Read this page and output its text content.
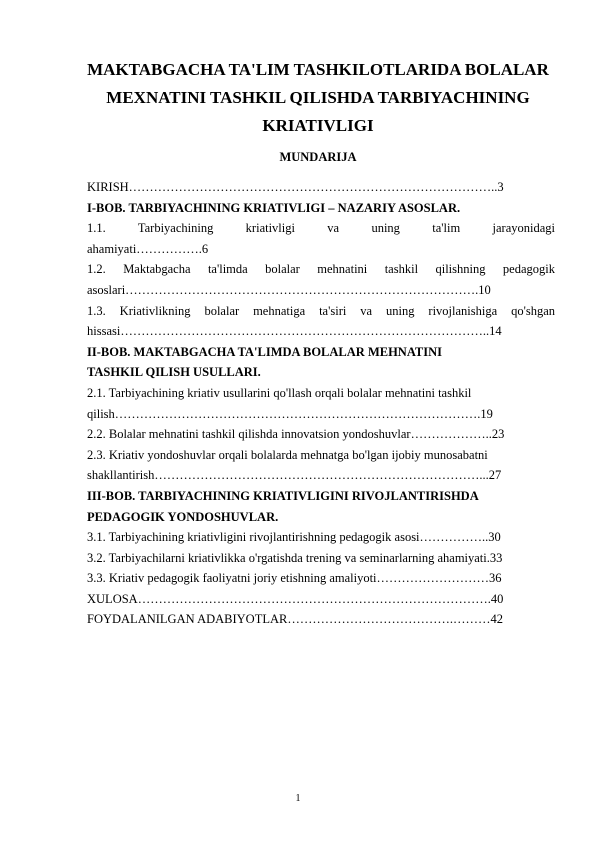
MAKTABGACHA TA'LIM TASHKILOTLARIDA BOLALAR
MEXNATINI TASHKIL QILISHDA TARBIYACHINING
KRIATIVLIGI
MUNDARIJA
KIRISH……………………………………………………………………………..3
I-BOB. TARBIYACHINING KRIATIVLIGI – NAZARIY ASOSLAR.
1.1. Tarbiyachining kriativligi va uning ta'lim jarayonidagi
ahamiyati…………….6
1.2. Maktabgacha ta'limda bolalar mehnatini tashkil qilishning pedagogik
asoslari………………………………………………………………………….10
1.3. Kriativlikning bolalar mehnatiga ta'siri va uning rivojlanishiga qo'shgan
hissasi……………………………………………………………………………..14
II-BOB. MAKTABGACHA TA'LIMDA BOLALAR MEHNATINI
TASHKIL QILISH USULLARI.
2.1. Tarbiyachining kriativ usullarini qo'llash orqali bolalar mehnatini tashkil
qilish…………………………………………………………………………….19
2.2. Bolalar mehnatini tashkil qilishda innovatsion yondoshuvlar………………..23
2.3. Kriativ yondoshuvlar orqali bolalarda mehnatga bo'lgan ijobiy munosabatni
shakllantirish……………………………………………………………………...27
III-BOB. TARBIYACHINING KRIATIVLIGINI RIVOJLANTIRISHDA
PEDAGOGIK YONDOSHUVLAR.
3.1. Tarbiyachining kriativligini rivojlantirishning pedagogik asosi……………..30
3.2. Tarbiyachilarni kriativlikka o'rgatishda trening va seminarlarning ahamiyati.33
3.3. Kriativ pedagogik faoliyatni joriy etishning amaliyoti………………………36
XULOSA………………………………………………………………………….40
FOYDALANILGAN ADABIYOTLAR………………………………….………42
1
